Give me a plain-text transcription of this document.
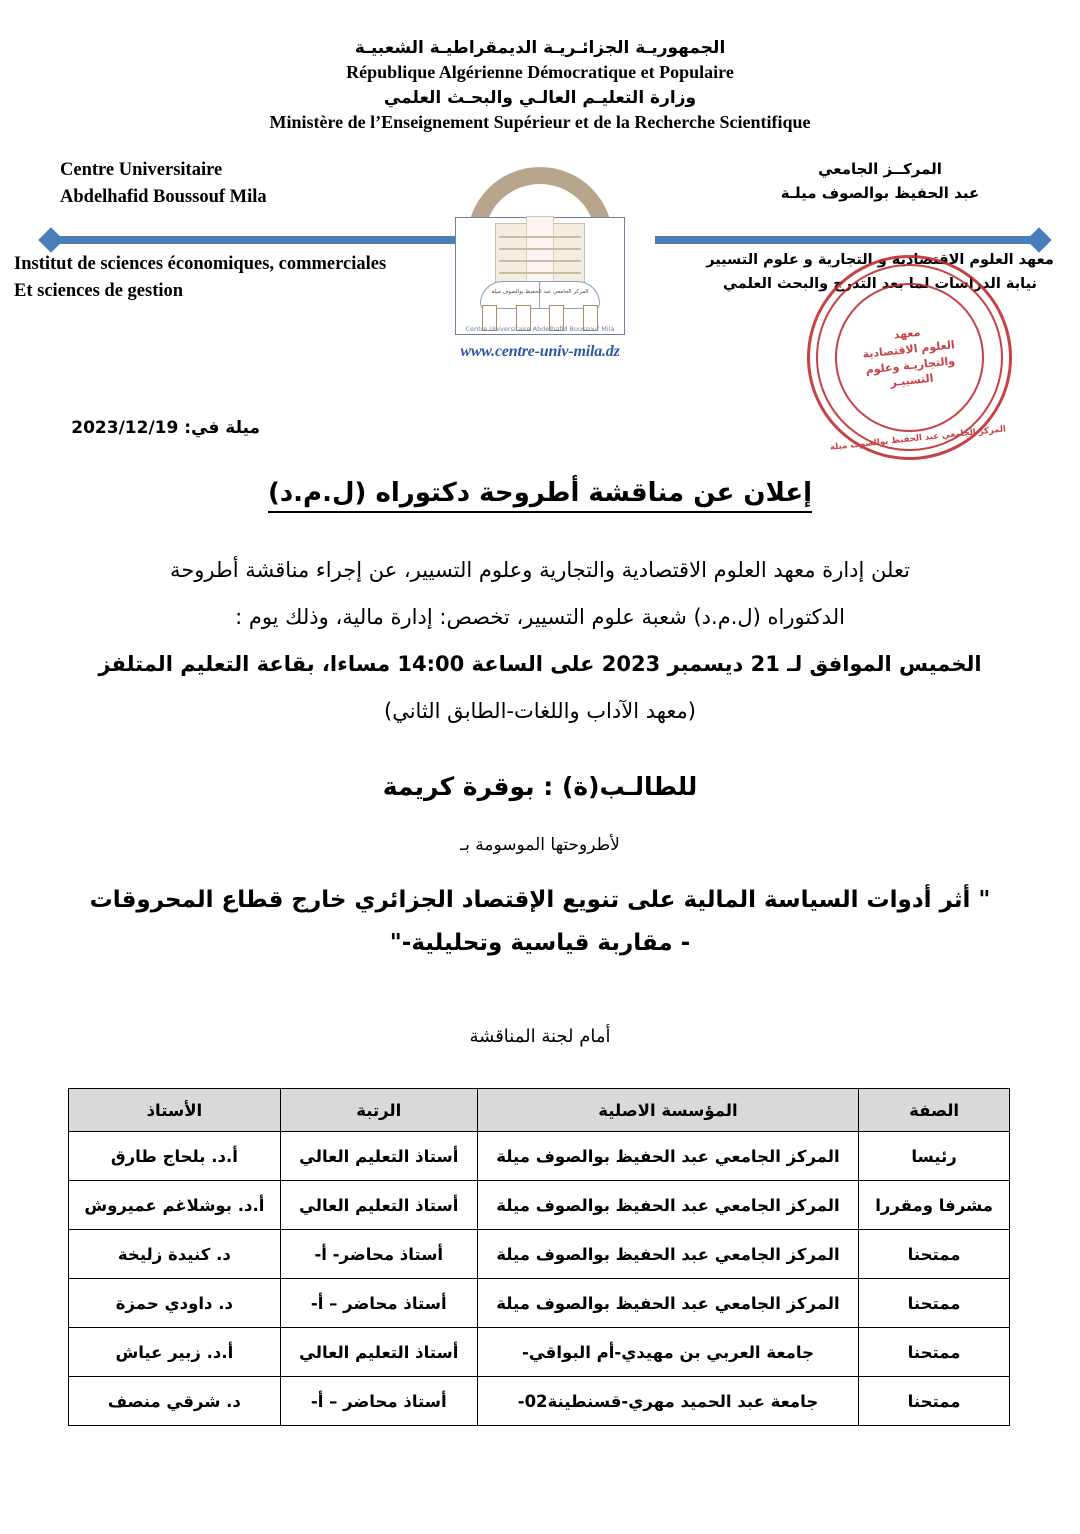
الجمهوريـة الجزائـريـة الديمقراطيـة الشعبيـة
République Algérienne Démocratique et Populaire
وزارة التعليـم العالـي والبحـث العلمي
Ministère de l’Enseignement Supérieur et de la Recherche Scientifique
Centre Universitaire
Abdelhafid Boussouf Mila
Institut de sciences économiques, commerciales
Et sciences de gestion
المركــز الجامعي
عبد الحفيظ بوالصوف ميلـة
معهد العلوم الاقتصادية و التجارية و علوم التسيير
نيابة الدراسات لما بعد التدرج والبحث العلمي
المركز الجامعي عبد الحفيظ بوالصوف ميلة
معهد
العلوم الاقتصادية
والتجاريـة وعلوم
التسييـر
المركز الجامعي عبد الحفيظ بوالصوف ميلة
Centre Universitaire Abdelhafid Boussouf Mila
www.centre-univ-mila.dz
ميلة في: 2023/12/19
إعلان عن مناقشة أطروحة دكتوراه (ل.م.د)

تعلن إدارة معهد العلوم الاقتصادية والتجارية وعلوم التسيير، عن إجراء مناقشة أطروحة

الدكتوراه (ل.م.د) شعبة علوم التسيير، تخصص: إدارة مالية، وذلك يوم :

الخميس الموافق لـ 21 ديسمبر 2023 على الساعة 14:00 مساءا، بقاعة التعليم المتلفز

(معهد الآداب واللغات-الطابق الثاني)

للطالـب(ة) : بوقرة كريمة
لأطروحتها الموسومة بـ
" أثر أدوات السياسة المالية على تنويع الإقتصاد الجزائري خارج قطاع المحروقات
- مقاربة قياسية وتحليلية-"
أمام لجنة المناقشة
الصفة	المؤسسة الاصلية	الرتبة	الأستاذ
رئيسا	المركز الجامعي عبد الحفيظ بوالصوف ميلة	أستاذ التعليم العالي	أ.د. بلحاج طارق
مشرفا ومقررا	المركز الجامعي عبد الحفيظ بوالصوف ميلة	أستاذ التعليم العالي	أ.د. بوشلاغم عميروش
ممتحنا	المركز الجامعي عبد الحفيظ بوالصوف ميلة	أستاذ محاضر- أ-	د. كنيدة زليخة
ممتحنا	المركز الجامعي عبد الحفيظ بوالصوف ميلة	أستاذ محاضر – أ-	د. داودي حمزة
ممتحنا	جامعة العربي بن مهيدي-أم البواقي-	أستاذ التعليم العالي	أ.د. زبير عياش
ممتحنا	جامعة عبد الحميد مهري-قسنطينة02-	أستاذ محاضر – أ-	د. شرقي منصف
